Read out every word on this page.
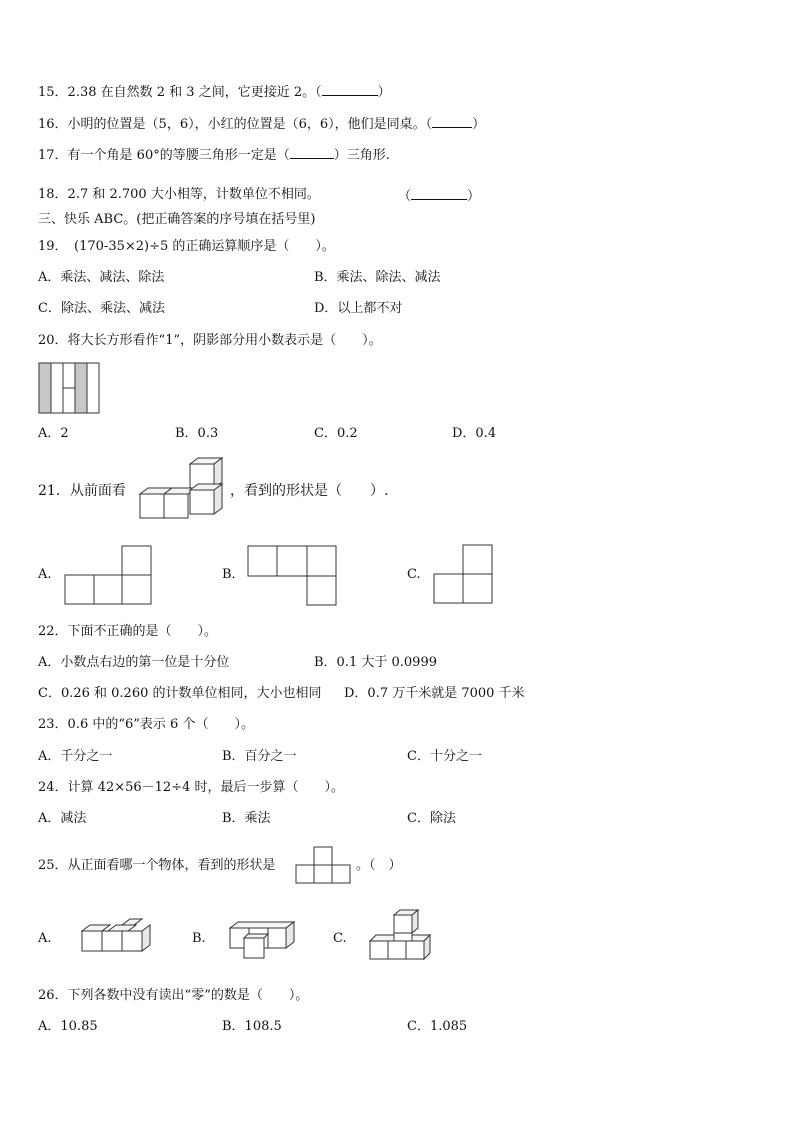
15．2.38 在自然数 2 和 3 之间，它更接近 2。（	）
16．小明的位置是（5，6），小红的位置是（6，6），他们是同桌。（	）
17．有一个角是 60°的等腰三角形一定是（	）三角形.
18．2.7 和 2.700 大小相等，计数单位不相同。	（	）
三、快乐 ABC。(把正确答案的序号填在括号里)
19．　(170-35×2)÷5 的正确运算顺序是（　　）。
A．乘法、减法、除法	B．乘法、除法、减法
C．除法、乘法、减法	D．以上都不对
20．将大长方形看作“1”，阴影部分用小数表示是（　　）。
A．2	B．0.3	C．0.2	D．0.4
21．从前面看	，看到的形状是（　　）.
A.	B．	C.
22．下面不正确的是（　　）。
A．小数点右边的第一位是十分位	B．0.1 大于 0.0999
C．0.26 和 0.260 的计数单位相同，大小也相同 D．0.7 万千米就是 7000 千米
23．0.6 中的“6”表示 6 个（　　）。
A．千分之一	B．百分之一	C．十分之一
24．计算 42×56－12÷4 时，最后一步算（　　）。
A．减法	B．乘法	C．除法
25．从正面看哪一个物体，看到的形状是	。（　）
A.	B.	C.
26．下列各数中没有读出“零”的数是（　　）。
A．10.85	B．108.5	C．1.085
